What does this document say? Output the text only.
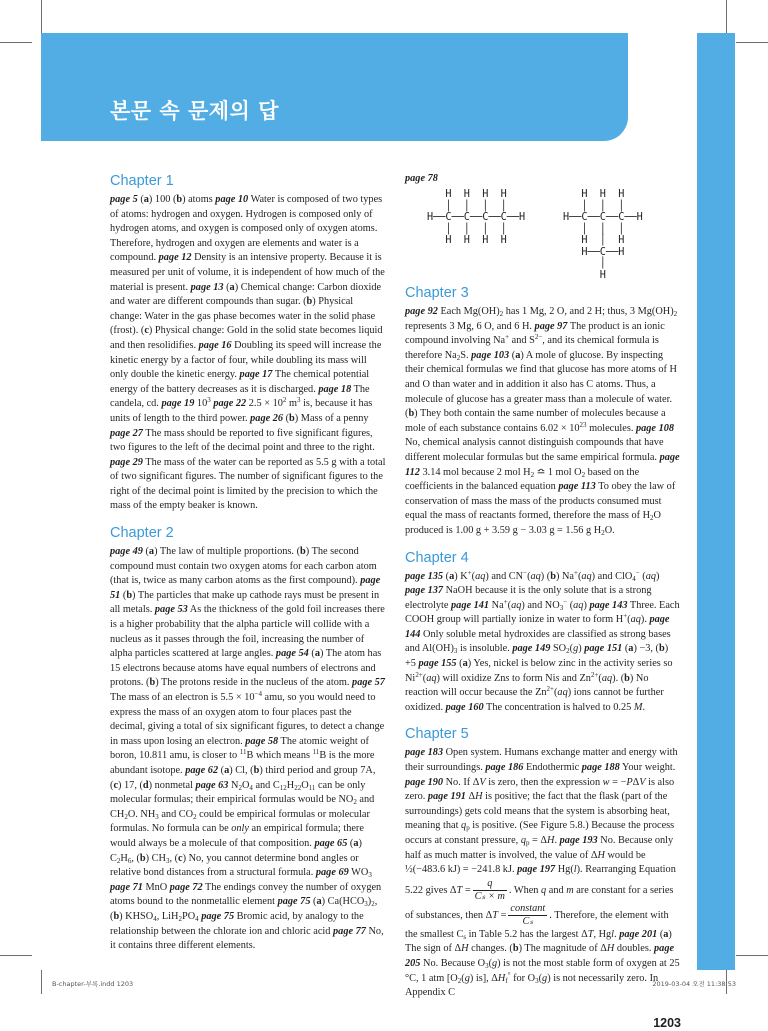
본문 속 문제의 답
Chapter 1
page 5 (a) 100 (b) atoms page 10 Water is composed of two types of atoms: hydrogen and oxygen. Hydrogen is composed only of hydrogen atoms, and oxygen is composed only of oxygen atoms. Therefore, hydrogen and oxygen are elements and water is a compound. page 12 Density is an intensive property. Because it is measured per unit of volume, it is independent of how much of the material is present. page 13 (a) Chemical change: Carbon dioxide and water are different compounds than sugar. (b) Physical change: Water in the gas phase becomes water in the solid phase (frost). (c) Physical change: Gold in the solid state becomes liquid and then resolidifies. page 16 Doubling its speed will increase the kinetic energy by a factor of four, while doubling its mass will only double the kinetic energy. page 17 The chemical potential energy of the battery decreases as it is discharged. page 18 The candela, cd. page 19 $10^3$ page 22 $2.5 \times 10^2$ $m^3$ is, because it has units of length to the third power. page 26 (b) Mass of a penny page 27 The mass should be reported to five significant figures, two figures to the left of the decimal point and three to the right. page 29 The mass of the water can be reported as 5.5 g with a total of two significant figures. The number of significant figures to the right of the decimal point is limited by the precision to which the mass of the empty beaker is known.
Chapter 2
page 49 (a) The law of multiple proportions. (b) The second compound must contain two oxygen atoms for each carbon atom (that is, twice as many carbon atoms as the first compound). page 51 (b) The particles that make up cathode rays must be present in all metals. page 53 As the thickness of the gold foil increases there is a higher probability that the alpha particle will collide with a nucleus as it passes through the foil, increasing the number of alpha particles scattered at large angles. page 54 (a) The atom has 15 electrons because atoms have equal numbers of electrons and protons. (b) The protons reside in the nucleus of the atom. page 57 The mass of an electron is $5.5 \times 10^{-4}$ amu, so you would need to express the mass of an oxygen atom to four places past the decimal, giving a total of six significant figures, to detect a change in mass upon losing an electron. page 58 The atomic weight of boron, 10.811 amu, is closer to $^{11}$B which means $^{11}$B is the more abundant isotope. page 62 (a) Cl, (b) third period and group 7A, (c) 17, (d) nonmetal page 63 $N_2O_4$ and $C_{12}H_{22}O_{11}$ can be only molecular formulas; their empirical formulas would be $NO_2$ and $CH_2O$. $NH_3$ and $CO_2$ could be empirical formulas or molecular formulas. No formula can be only an empirical formula; there would always be a molecule of that composition. page 65 (a) $C_2H_6$, (b) $CH_3$, (c) No, you cannot determine bond angles or relative bond distances from a structural formula. page 69 $WO_3$ page 71 MnO page 72 The endings convey the number of oxygen atoms bound to the nonmetallic element page 75 (a) $Ca(HCO_3)_2$, (b) $KHSO_4$, $LiH_2PO_4$ page 75 Bromic acid, by analogy to the relationship between the chlorate ion and chloric acid page 77 No, it contains three different elements.
page 78
H  H  H  H
│  │  │  │
H──C──C──C──C──H
│  │  │  │
H  H  H  H
H  H  H
│  │  │
H──C──C──C──H
│  │  │
H  │  H
H──C──H
│
H
Chapter 3
page 92 Each $Mg(OH)_2$ has 1 Mg, 2 O, and 2 H; thus, 3 $Mg(OH)_2$ represents 3 Mg, 6 O, and 6 H. page 97 The product is an ionic compound involving Na+ and $S^{2-}$, and its chemical formula is therefore $Na_2S$. page 103 (a) A mole of glucose. By inspecting their chemical formulas we find that glucose has more atoms of H and O than water and in addition it also has C atoms. Thus, a molecule of glucose has a greater mass than a molecule of water. (b) They both contain the same number of molecules because a mole of each substance contains $6.02 \times 10^{23}$ molecules. page 108 No, chemical analysis cannot distinguish compounds that have different molecular formulas but the same empirical formula. page 112 3.14 mol because 2 mol $H_2$ ≏ 1 mol $O_2$ based on the coefficients in the balanced equation page 113 To obey the law of conservation of mass the mass of the products consumed must equal the mass of reactants formed, therefore the mass of $H_2O$ produced is 1.00 g + 3.59 g − 3.03 g = 1.56 g $H_2O$.
Chapter 4
page 135 (a) K+(aq) and CN−(aq) (b) Na+(aq) and ClO$_4$− (aq) page 137 NaOH because it is the only solute that is a strong electrolyte page 141 Na+(aq) and $NO_3^-$ (aq) page 143 Three. Each COOH group will partially ionize in water to form H+(aq). page 144 Only soluble metal hydroxides are classified as strong bases and $Al(OH)_3$ is insoluble. page 149 $SO_2(g)$ page 151 (a) −3, (b) +5 page 155 (a) Yes, nickel is below zinc in the activity series so $Ni^{2+}(aq)$ will oxidize Zns to form Nis and $Zn^{2+}(aq)$. (b) No reaction will occur because the $Zn^{2+}(aq)$ ions cannot be further oxidized. page 160 The concentration is halved to 0.25 M.
Chapter 5
page 183 Open system. Humans exchange matter and energy with their surroundings. page 186 Endothermic page 188 Your weight. page 190 No. If ΔV is zero, then the expression w = −PΔV is also zero. page 191 ΔH is positive; the fact that the flask (part of the surroundings) gets cold means that the system is absorbing heat, meaning that $q_p$ is positive. (See Figure 5.8.) Because the process occurs at constant pressure, $q_p = \Delta H$. page 193 No. Because only half as much matter is involved, the value of ΔH would be ½(−483.6 kJ) = −241.8 kJ. page 197 Hg(l). Rearranging Equation 5.22 gives $\Delta T = \frac{q}{\text{Cₛ × m}}$ . When q and m are constant for a series of substances, then $\Delta T = \frac{\text{constant}}{\text{Cₛ}}$ . Therefore, the element with the smallest $C_s$ in Table 5.2 has the largest ΔT, Hgl. page 201 (a) The sign of ΔH changes. (b) The magnitude of ΔH doubles. page 205 No. Because $O_3(g)$ is not the most stable form of oxygen at 25 °C, 1 atm [$O_2(g)$ is], $\Delta H_f^\circ$ for $O_3(g)$ is not necessarily zero. In Appendix C
1203
B-chapter-부록.indd 1203	2019-03-04 오전 11:38:53
